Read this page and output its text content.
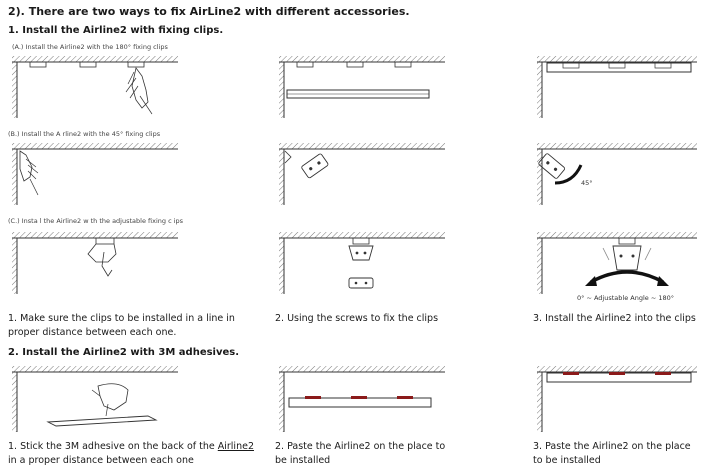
2). There are two ways to fix AirLine2 with different accessories.
1. Install the Airline2 with fixing clips.
(A.) Install the Airline2 with the 180° fixing clips
(B.) Install the A rline2 with the 45° fixing clips
(C.) Insta l the Airline2 w th the adjustable fixing c ips
1. Make sure the clips to be installed in a line in proper distance between each one.
2. Using the screws to fix the clips	3. Install the Airline2 into the clips
2. Install the Airline2 with 3M adhesives.
1. Stick the 3M adhesive on the back of the Airline2 in a proper distance between each one
2. Paste the Airline2 on the place to be installed
3. Paste the Airline2 on the place to be installed
45°
0° ~ Adjustable Angle ~ 180°
